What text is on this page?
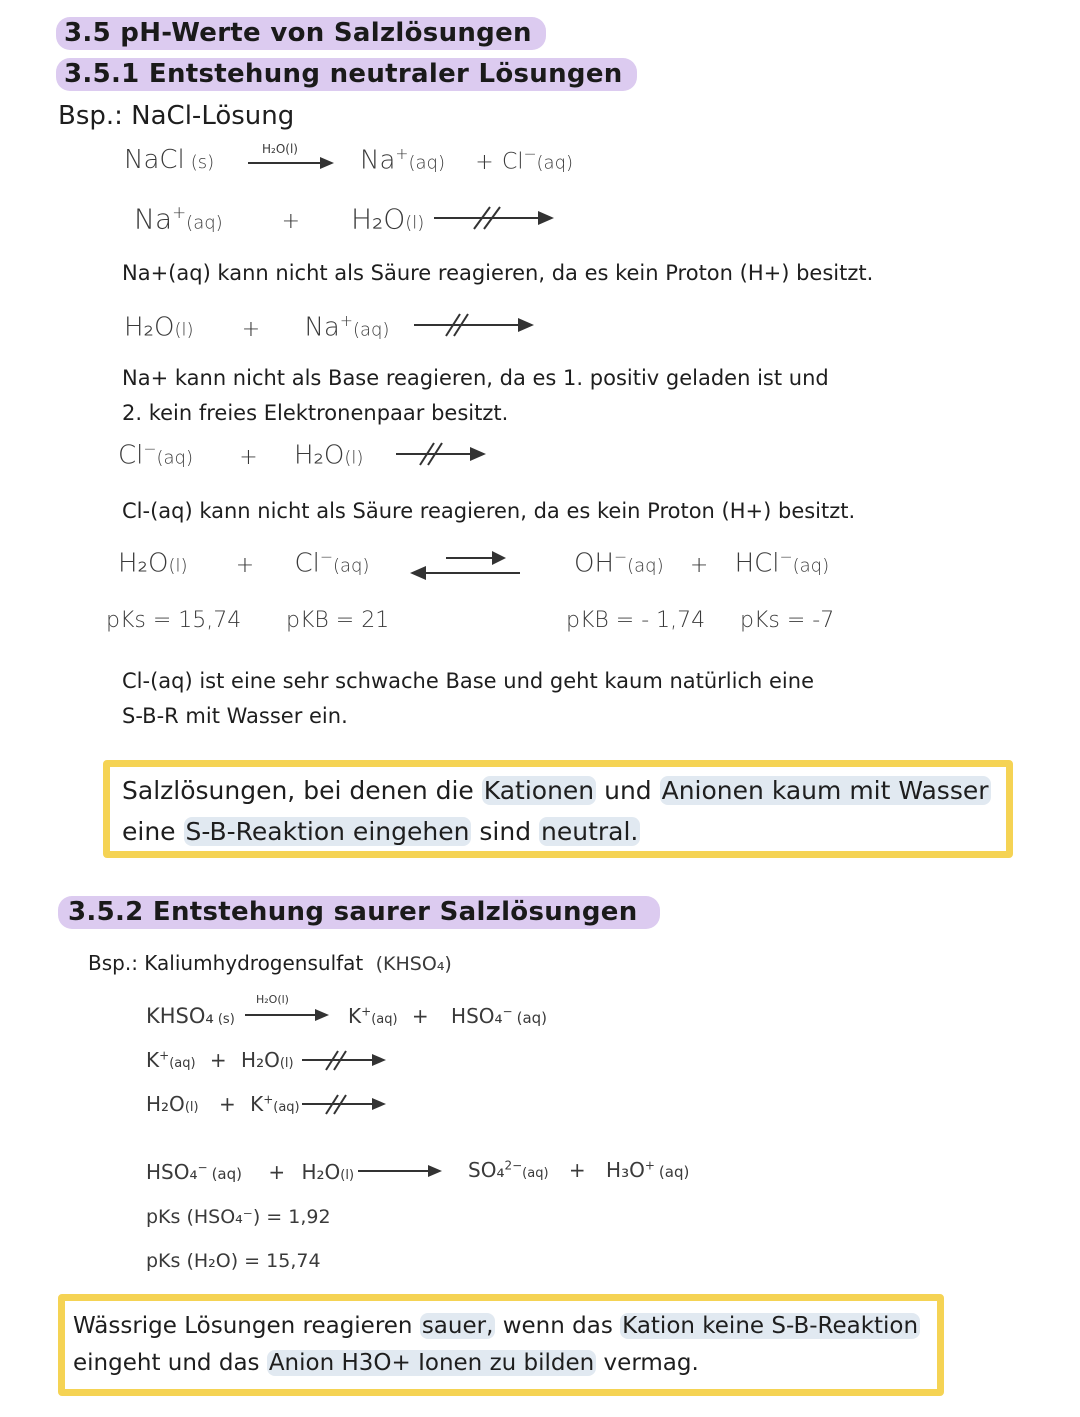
3.5 pH-Werte von Salzlösungen
3.5.1 Entstehung neutraler Lösungen
Bsp.: NaCl-Lösung
NaCl (s)
H₂O(l) Na+(aq) + Cl−(aq)
Na+(aq)	+ H₂O(l)
Na+(aq) kann nicht als Säure reagieren, da es kein Proton (H+) besitzt.
H₂O(l) + Na+(aq)
Na+ kann nicht als Base reagieren, da es 1. positiv geladen ist und
2. kein freies Elektronenpaar besitzt.
Cl−(aq) + H₂O(l)
Cl-(aq) kann nicht als Säure reagieren, da es kein Proton (H+) besitzt.
H₂O(l) + Cl−(aq)	OH−(aq) + HCl−(aq)
pKs = 15,74 pKB = 21	pKB = - 1,74 pKs = -7
Cl-(aq) ist eine sehr schwache Base und geht kaum natürlich eine
S-B-R mit Wasser ein.
Salzlösungen, bei denen die Kationen und Anionen kaum mit Wasser
eine S-B-Reaktion eingehen sind neutral.
3.5.2 Entstehung saurer Salzlösungen
Bsp.: Kaliumhydrogensulfat (KHSO₄)
KHSO₄ (s)
H₂O(l)
K+(aq) + HSO₄− (aq)
K+(aq) + H₂O(l)
H₂O(l) + K+(aq)
HSO₄− (aq) + H₂O(l)	SO₄$^{2-}$(aq) + H₃O+ (aq)
pKs (HSO₄⁻) = 1,92
pKs (H₂O) = 15,74
Wässrige Lösungen reagieren sauer, wenn das Kation keine S-B-Reaktion
eingeht und das Anion H3O+ Ionen zu bilden vermag.
